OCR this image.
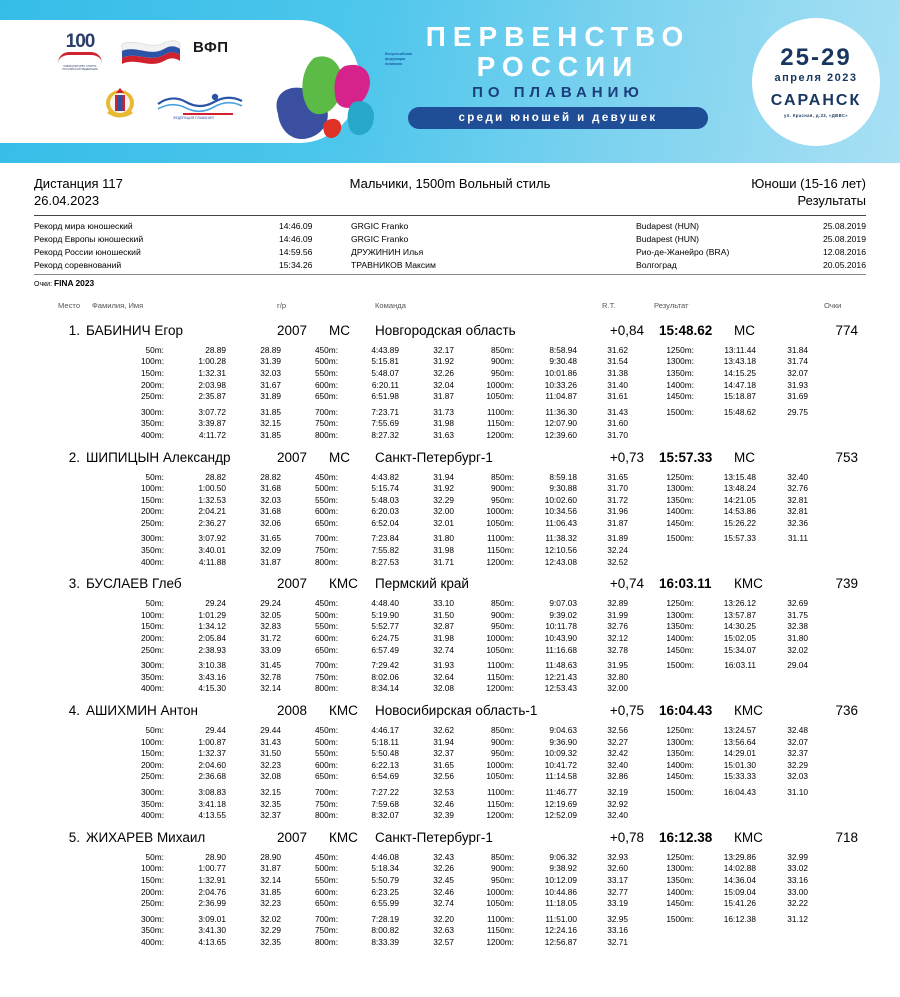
100
МИНИСТЕРСТВО СПОРТА
РОССИЙСКОЙ ФЕДЕРАЦИИ
ВФП	Всероссийская
федерация плавания
ФЕДЕРАЦИЯ ПЛАВАНИЯ
ПЕРВЕНСТВО
РОССИИ
ПО ПЛАВАНИЮ
среди юношей и девушек
25-29
апреля 2023
САРАНСК
ул. Красная, д.33, «ДВВС»
Дистанция 117	Мальчики, 1500m Вольный стиль	Юноши (15-16 лет)
26.04.2023	Результаты
Рекорд мира юношеский	14:46.09	GRGIC Franko	Budapest (HUN)	25.08.2019
Рекорд Европы юношеский	14:46.09	GRGIC Franko	Budapest (HUN)	25.08.2019
Рекорд России юношеский	14:59.56	ДРУЖИНИН Илья	Рио-де-Жанейро (BRA)	12.08.2016
Рекорд соревнований	15:34.26	ТРАВНИКОВ Максим	Волгоград	20.05.2016
Очки: FINA 2023
Место Фамилия, Имя	г/р	Команда	R.T.	Результат	Очки
1. БАБИНИЧ Егор	2007 МС Новгородская область	+0,84 15:48.62 МС	774
50m:	28.89	28.89	450m:	4:43.89	32.17	850m:	8:58.94	31.62	1250m:	13:11.44	31.84
100m:	1:00.28	31.39	500m:	5:15.81	31.92	900m:	9:30.48	31.54	1300m:	13:43.18	31.74
150m:	1:32.31	32.03	550m:	5:48.07	32.26	950m:	10:01.86	31.38	1350m:	14:15.25	32.07
200m:	2:03.98	31.67	600m:	6:20.11	32.04	1000m:	10:33.26	31.40	1400m:	14:47.18	31.93
250m:	2:35.87	31.89	650m:	6:51.98	31.87	1050m:	11:04.87	31.61	1450m:	15:18.87	31.69
300m:	3:07.72	31.85	700m:	7:23.71	31.73	1100m:	11:36.30	31.43	1500m:	15:48.62	29.75
350m:	3:39.87	32.15	750m:	7:55.69	31.98	1150m:	12:07.90	31.60
400m:	4:11.72	31.85	800m:	8:27.32	31.63	1200m:	12:39.60	31.70
2. ШИПИЦЫН Александр	2007 МС Санкт-Петербург-1	+0,73 15:57.33 МС	753
50m:	28.82	28.82	450m:	4:43.82	31.94	850m:	8:59.18	31.65	1250m:	13:15.48	32.40
100m:	1:00.50	31.68	500m:	5:15.74	31.92	900m:	9:30.88	31.70	1300m:	13:48.24	32.76
150m:	1:32.53	32.03	550m:	5:48.03	32.29	950m:	10:02.60	31.72	1350m:	14:21.05	32.81
200m:	2:04.21	31.68	600m:	6:20.03	32.00	1000m:	10:34.56	31.96	1400m:	14:53.86	32.81
250m:	2:36.27	32.06	650m:	6:52.04	32.01	1050m:	11:06.43	31.87	1450m:	15:26.22	32.36
300m:	3:07.92	31.65	700m:	7:23.84	31.80	1100m:	11:38.32	31.89	1500m:	15:57.33	31.11
350m:	3:40.01	32.09	750m:	7:55.82	31.98	1150m:	12:10.56	32.24
400m:	4:11.88	31.87	800m:	8:27.53	31.71	1200m:	12:43.08	32.52
3. БУСЛАЕВ Глеб	2007 КМС Пермский край	+0,74 16:03.11 КМС	739
50m:	29.24	29.24	450m:	4:48.40	33.10	850m:	9:07.03	32.89	1250m:	13:26.12	32.69
100m:	1:01.29	32.05	500m:	5:19.90	31.50	900m:	9:39.02	31.99	1300m:	13:57.87	31.75
150m:	1:34.12	32.83	550m:	5:52.77	32.87	950m:	10:11.78	32.76	1350m:	14:30.25	32.38
200m:	2:05.84	31.72	600m:	6:24.75	31.98	1000m:	10:43.90	32.12	1400m:	15:02.05	31.80
250m:	2:38.93	33.09	650m:	6:57.49	32.74	1050m:	11:16.68	32.78	1450m:	15:34.07	32.02
300m:	3:10.38	31.45	700m:	7:29.42	31.93	1100m:	11:48.63	31.95	1500m:	16:03.11	29.04
350m:	3:43.16	32.78	750m:	8:02.06	32.64	1150m:	12:21.43	32.80
400m:	4:15.30	32.14	800m:	8:34.14	32.08	1200m:	12:53.43	32.00
4. АШИХМИН Антон	2008 КМС Новосибирская область-1	+0,75 16:04.43 КМС	736
50m:	29.44	29.44	450m:	4:46.17	32.62	850m:	9:04.63	32.56	1250m:	13:24.57	32.48
100m:	1:00.87	31.43	500m:	5:18.11	31.94	900m:	9:36.90	32.27	1300m:	13:56.64	32.07
150m:	1:32.37	31.50	550m:	5:50.48	32.37	950m:	10:09.32	32.42	1350m:	14:29.01	32.37
200m:	2:04.60	32.23	600m:	6:22.13	31.65	1000m:	10:41.72	32.40	1400m:	15:01.30	32.29
250m:	2:36.68	32.08	650m:	6:54.69	32.56	1050m:	11:14.58	32.86	1450m:	15:33.33	32.03
300m:	3:08.83	32.15	700m:	7:27.22	32.53	1100m:	11:46.77	32.19	1500m:	16:04.43	31.10
350m:	3:41.18	32.35	750m:	7:59.68	32.46	1150m:	12:19.69	32.92
400m:	4:13.55	32.37	800m:	8:32.07	32.39	1200m:	12:52.09	32.40
5. ЖИХАРЕВ Михаил	2007 КМС Санкт-Петербург-1	+0,78 16:12.38 КМС	718
50m:	28.90	28.90	450m:	4:46.08	32.43	850m:	9:06.32	32.93	1250m:	13:29.86	32.99
100m:	1:00.77	31.87	500m:	5:18.34	32.26	900m:	9:38.92	32.60	1300m:	14:02.88	33.02
150m:	1:32.91	32.14	550m:	5:50.79	32.45	950m:	10:12.09	33.17	1350m:	14:36.04	33.16
200m:	2:04.76	31.85	600m:	6:23.25	32.46	1000m:	10:44.86	32.77	1400m:	15:09.04	33.00
250m:	2:36.99	32.23	650m:	6:55.99	32.74	1050m:	11:18.05	33.19	1450m:	15:41.26	32.22
300m:	3:09.01	32.02	700m:	7:28.19	32.20	1100m:	11:51.00	32.95	1500m:	16:12.38	31.12
350m:	3:41.30	32.29	750m:	8:00.82	32.63	1150m:	12:24.16	33.16
400m:	4:13.65	32.35	800m:	8:33.39	32.57	1200m:	12:56.87	32.71
